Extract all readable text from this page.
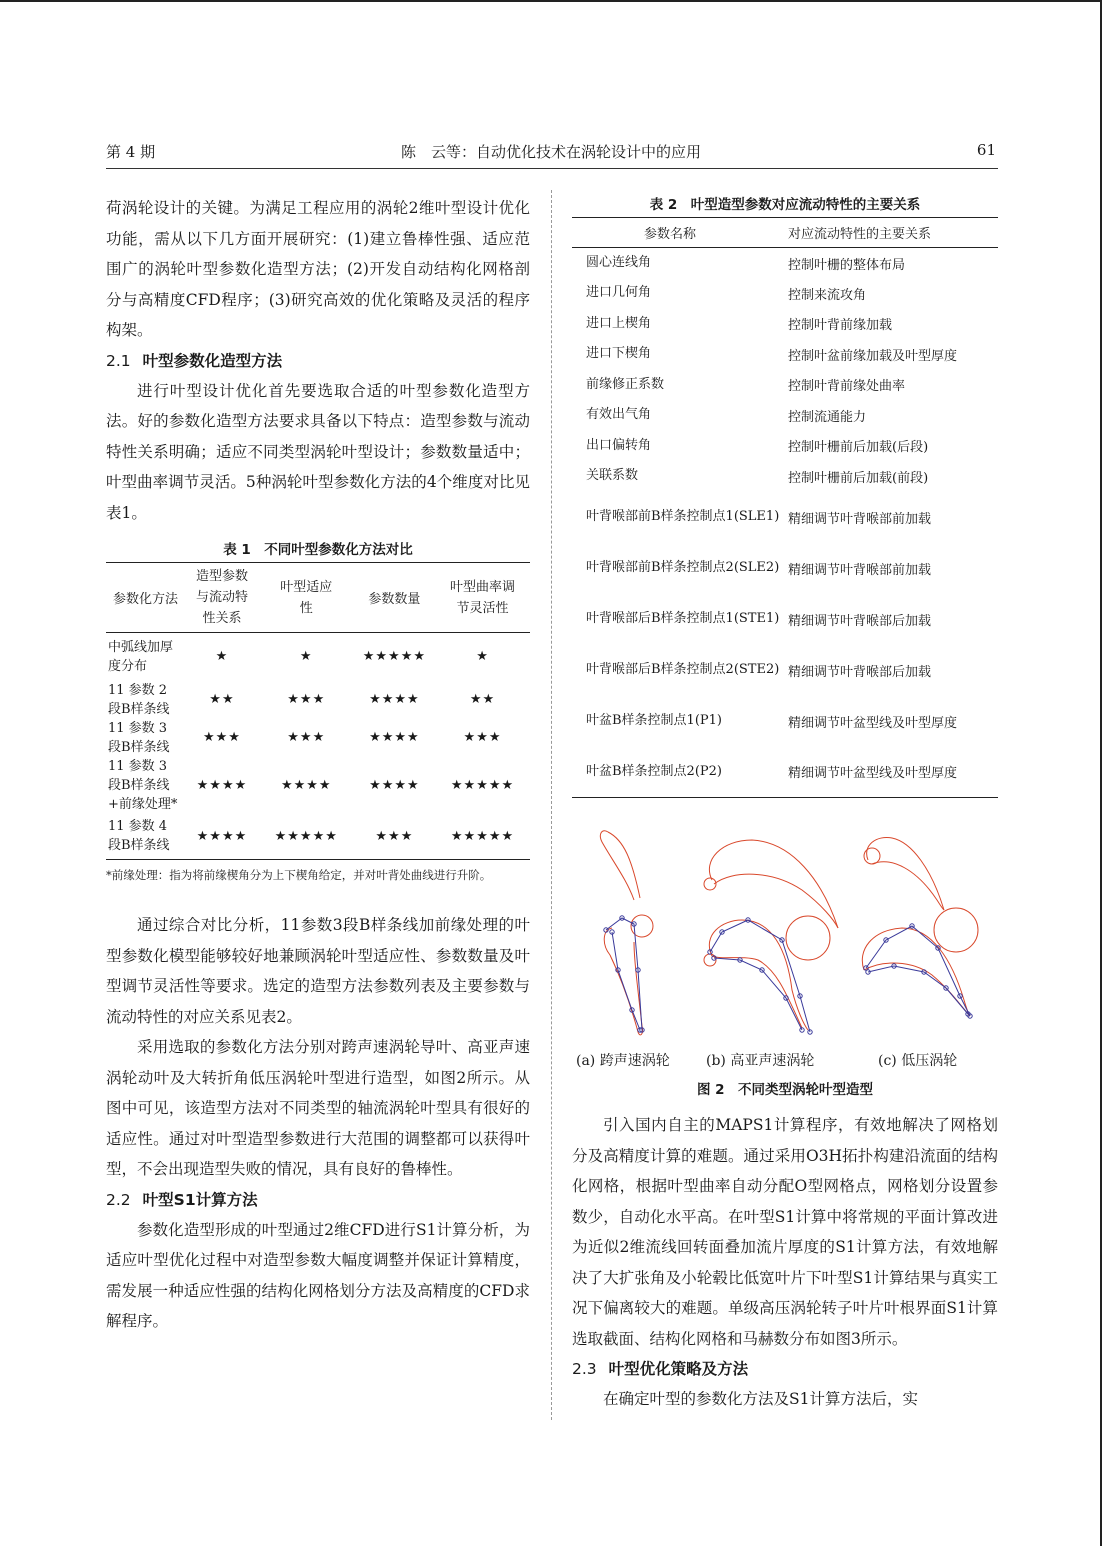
第 4 期	陈　云等：自动优化技术在涡轮设计中的应用	61

荷涡轮设计的关键。为满足工程应用的涡轮2维叶型设计优化功能，需从以下几方面开展研究：(1)建立鲁棒性强、适应范围广的涡轮叶型参数化造型方法；(2)开发自动结构化网格剖分与高精度CFD程序；(3)研究高效的优化策略及灵活的程序构架。

2.1 叶型参数化造型方法

进行叶型设计优化首先要选取合适的叶型参数化造型方法。好的参数化造型方法要求具备以下特点：造型参数与流动特性关系明确；适应不同类型涡轮叶型设计；参数数量适中；叶型曲率调节灵活。5种涡轮叶型参数化方法的4个维度对比见表1。

表 1　不同叶型参数化方法对比
参数化方法	造型参数与流动特性关系	叶型适应性	参数数量	叶型曲率调节灵活性
中弧线加厚度分布	★	★	★★★★★	★
11 参数 2 段B样条线	★★	★★★	★★★★	★★
11 参数 3 段B样条线	★★★	★★★	★★★★	★★★
11 参数 3 段B样条线+前缘处理*	★★★★	★★★★	★★★★	★★★★★
11 参数 4 段B样条线	★★★★	★★★★★	★★★	★★★★★

*前缘处理：指为将前缘楔角分为上下楔角给定，并对叶背处曲线进行升阶。

通过综合对比分析，11参数3段B样条线加前缘处理的叶型参数化模型能够较好地兼顾涡轮叶型适应性、参数数量及叶型调节灵活性等要求。选定的造型方法参数列表及主要参数与流动特性的对应关系见表2。

采用选取的参数化方法分别对跨声速涡轮导叶、高亚声速涡轮动叶及大转折角低压涡轮叶型进行造型，如图2所示。从图中可见，该造型方法对不同类型的轴流涡轮叶型具有很好的适应性。通过对叶型造型参数进行大范围的调整都可以获得叶型，不会出现造型失败的情况，具有良好的鲁棒性。

2.2 叶型S1计算方法

参数化造型形成的叶型通过2维CFD进行S1计算分析，为适应叶型优化过程中对造型参数大幅度调整并保证计算精度，需发展一种适应性强的结构化网格划分方法及高精度的CFD求解程序。

表 2　叶型造型参数对应流动特性的主要关系
参数名称	对应流动特性的主要关系
圆心连线角	控制叶栅的整体布局
进口几何角	控制来流攻角
进口上楔角	控制叶背前缘加载
进口下楔角	控制叶盆前缘加载及叶型厚度
前缘修正系数	控制叶背前缘处曲率
有效出气角	控制流通能力
出口偏转角	控制叶栅前后加载(后段)
关联系数	控制叶栅前后加载(前段)
叶背喉部前B样条控制点1(SLE1)	精细调节叶背喉部前加载
叶背喉部前B样条控制点2(SLE2)	精细调节叶背喉部前加载
叶背喉部后B样条控制点1(STE1)	精细调节叶背喉部后加载
叶背喉部后B样条控制点2(STE2)	精细调节叶背喉部后加载
叶盆B样条控制点1(P1)	精细调节叶盆型线及叶型厚度
叶盆B样条控制点2(P2)	精细调节叶盆型线及叶型厚度
(a) 跨声速涡轮	(b) 高亚声速涡轮	(c) 低压涡轮
图 2　不同类型涡轮叶型造型

引入国内自主的MAPS1计算程序，有效地解决了网格划分及高精度计算的难题。通过采用O3H拓扑构建沿流面的结构化网格，根据叶型曲率自动分配O型网格点，网格划分设置参数少，自动化水平高。在叶型S1计算中将常规的平面计算改进为近似2维流线回转面叠加流片厚度的S1计算方法，有效地解决了大扩张角及小轮毂比低宽叶片下叶型S1计算结果与真实工况下偏离较大的难题。单级高压涡轮转子叶片叶根界面S1计算选取截面、结构化网格和马赫数分布如图3所示。

2.3 叶型优化策略及方法

在确定叶型的参数化方法及S1计算方法后，实
